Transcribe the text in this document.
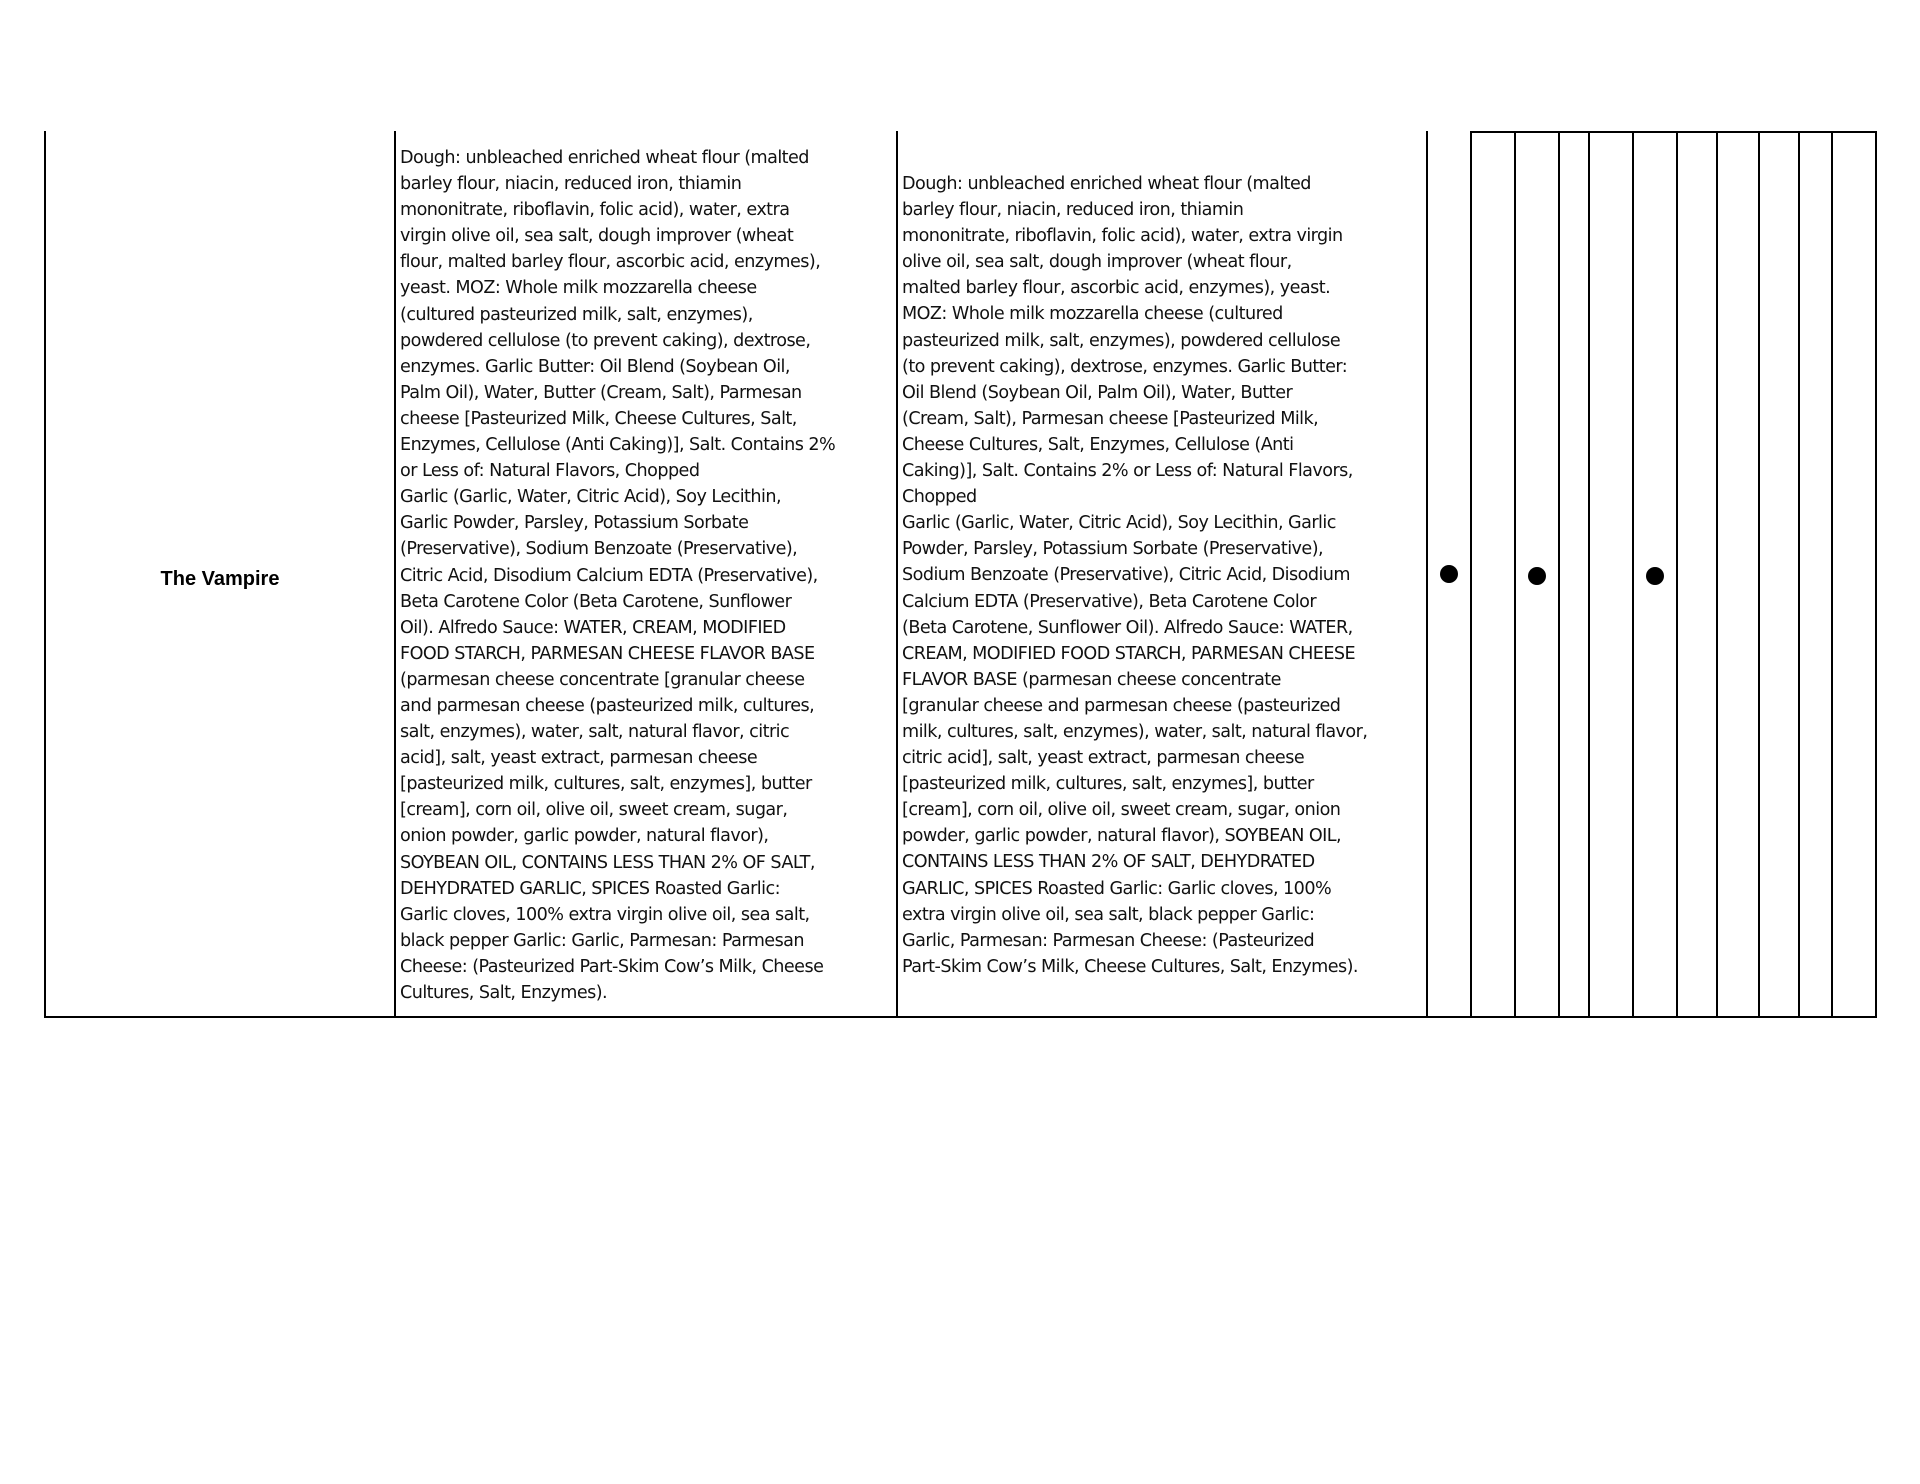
The Vampire
Dough: unbleached enriched wheat flour (malted
barley flour, niacin, reduced iron, thiamin
mononitrate, riboflavin, folic acid), water, extra
virgin olive oil, sea salt, dough improver (wheat
flour, malted barley flour, ascorbic acid, enzymes),
yeast. MOZ: Whole milk mozzarella cheese
(cultured pasteurized milk, salt, enzymes),
powdered cellulose (to prevent caking), dextrose,
enzymes. Garlic Butter: Oil Blend (Soybean Oil,
Palm Oil), Water, Butter (Cream, Salt), Parmesan
cheese [Pasteurized Milk, Cheese Cultures, Salt,
Enzymes, Cellulose (Anti Caking)], Salt. Contains 2%
or Less of: Natural Flavors, Chopped
Garlic (Garlic, Water, Citric Acid), Soy Lecithin,
Garlic Powder, Parsley, Potassium Sorbate
(Preservative), Sodium Benzoate (Preservative),
Citric Acid, Disodium Calcium EDTA (Preservative),
Beta Carotene Color (Beta Carotene, Sunflower
Oil). Alfredo Sauce: WATER, CREAM, MODIFIED
FOOD STARCH, PARMESAN CHEESE FLAVOR BASE
(parmesan cheese concentrate [granular cheese
and parmesan cheese (pasteurized milk, cultures,
salt, enzymes), water, salt, natural flavor, citric
acid], salt, yeast extract, parmesan cheese
[pasteurized milk, cultures, salt, enzymes], butter
[cream], corn oil, olive oil, sweet cream, sugar,
onion powder, garlic powder, natural flavor),
SOYBEAN OIL, CONTAINS LESS THAN 2% OF SALT,
DEHYDRATED GARLIC, SPICES Roasted Garlic:
Garlic cloves, 100% extra virgin olive oil, sea salt,
black pepper Garlic: Garlic, Parmesan: Parmesan
Cheese: (Pasteurized Part-Skim Cow’s Milk, Cheese
Cultures, Salt, Enzymes).
Dough: unbleached enriched wheat flour (malted
barley flour, niacin, reduced iron, thiamin
mononitrate, riboflavin, folic acid), water, extra virgin
olive oil, sea salt, dough improver (wheat flour,
malted barley flour, ascorbic acid, enzymes), yeast.
MOZ: Whole milk mozzarella cheese (cultured
pasteurized milk, salt, enzymes), powdered cellulose
(to prevent caking), dextrose, enzymes. Garlic Butter:
Oil Blend (Soybean Oil, Palm Oil), Water, Butter
(Cream, Salt), Parmesan cheese [Pasteurized Milk,
Cheese Cultures, Salt, Enzymes, Cellulose (Anti
Caking)], Salt. Contains 2% or Less of: Natural Flavors,
Chopped
Garlic (Garlic, Water, Citric Acid), Soy Lecithin, Garlic
Powder, Parsley, Potassium Sorbate (Preservative),
Sodium Benzoate (Preservative), Citric Acid, Disodium
Calcium EDTA (Preservative), Beta Carotene Color
(Beta Carotene, Sunflower Oil). Alfredo Sauce: WATER,
CREAM, MODIFIED FOOD STARCH, PARMESAN CHEESE
FLAVOR BASE (parmesan cheese concentrate
[granular cheese and parmesan cheese (pasteurized
milk, cultures, salt, enzymes), water, salt, natural flavor,
citric acid], salt, yeast extract, parmesan cheese
[pasteurized milk, cultures, salt, enzymes], butter
[cream], corn oil, olive oil, sweet cream, sugar, onion
powder, garlic powder, natural flavor), SOYBEAN OIL,
CONTAINS LESS THAN 2% OF SALT, DEHYDRATED
GARLIC, SPICES Roasted Garlic: Garlic cloves, 100%
extra virgin olive oil, sea salt, black pepper Garlic:
Garlic, Parmesan: Parmesan Cheese: (Pasteurized
Part-Skim Cow’s Milk, Cheese Cultures, Salt, Enzymes).
